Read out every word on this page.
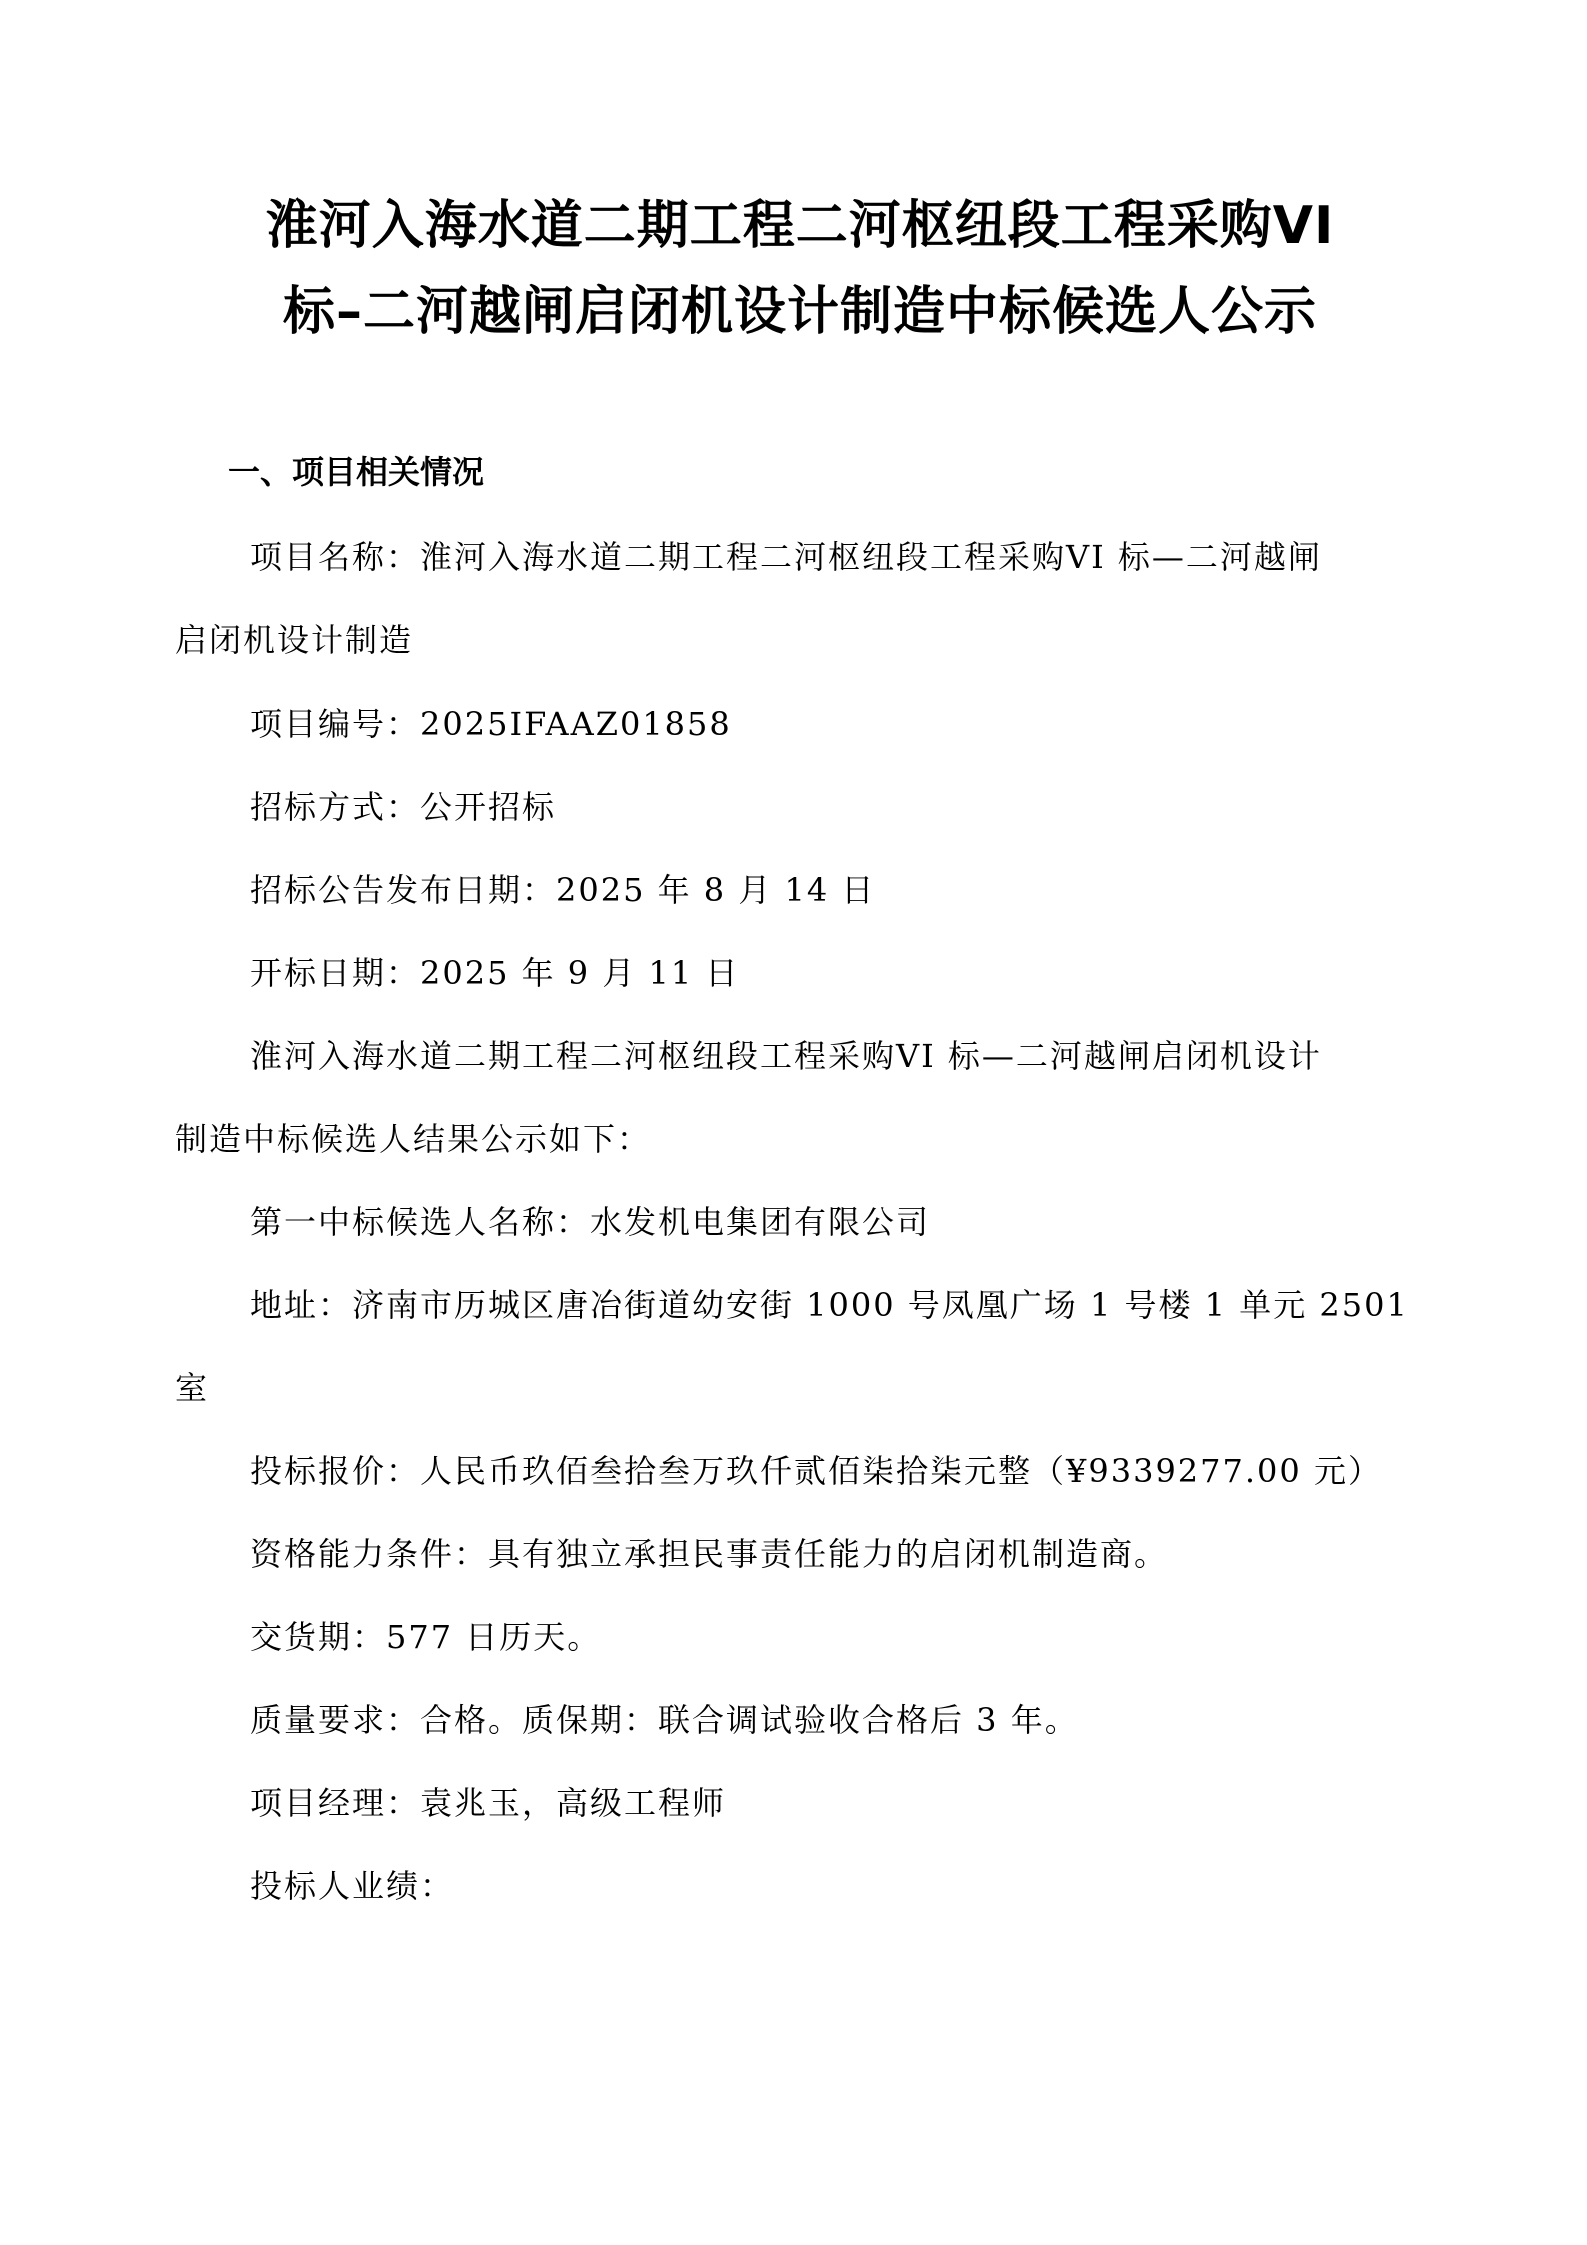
淮河入海水道二期工程二河枢纽段工程采购VI
标–二河越闸启闭机设计制造中标候选人公示
一、项目相关情况

项目名称：淮河入海水道二期工程二河枢纽段工程采购VI 标—二河越闸

启闭机设计制造

项目编号：2025IFAAZ01858

招标方式：公开招标

招标公告发布日期：2025 年 8 月 14 日

开标日期：2025 年 9 月 11 日

淮河入海水道二期工程二河枢纽段工程采购VI 标—二河越闸启闭机设计

制造中标候选人结果公示如下：

第一中标候选人名称：水发机电集团有限公司

地址：济南市历城区唐冶街道幼安街 1000 号凤凰广场 1 号楼 1 单元 2501

室

投标报价：人民币玖佰叁拾叁万玖仟贰佰柒拾柒元整（¥9339277.00 元）

资格能力条件：具有独立承担民事责任能力的启闭机制造商。

交货期：577 日历天。

质量要求：合格。质保期：联合调试验收合格后 3 年。

项目经理：袁兆玉，高级工程师

投标人业绩：
